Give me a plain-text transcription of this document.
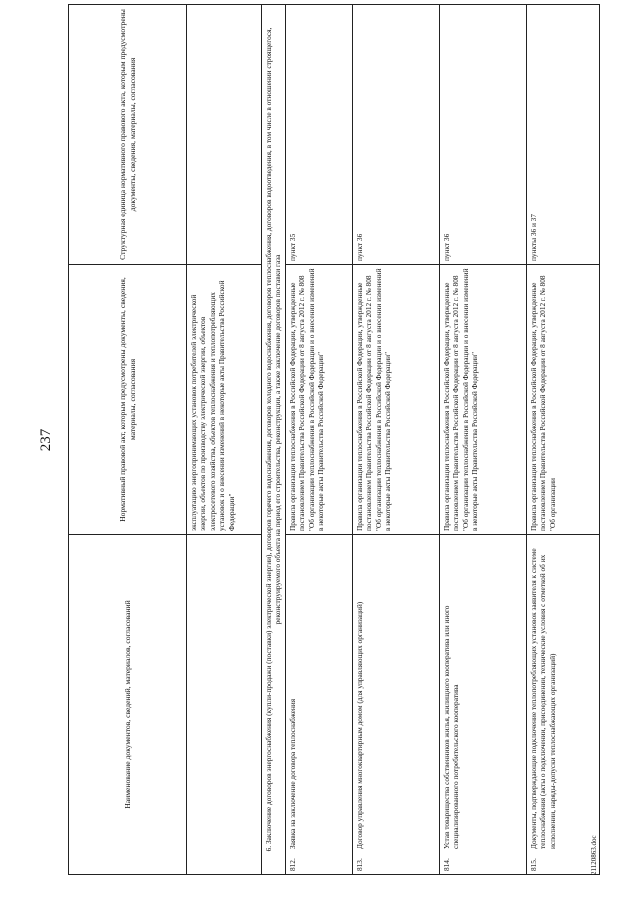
237
Наименование документов, сведений, материалов, согласований	Нормативный правовой акт, которым предусмотрены документы, сведения, материалы, согласования	Структурная единица нормативного правового акта, которым предусмотрены документы, сведения, материалы, согласования
	эксплуатацию энергопринимающих установок потребителей электрической энергии, объектов по производству электрической энергии, объектов электросетевого хозяйства, объектов теплоснабжения и теплопотребляющих установок и о внесении изменений в некоторые акты Правительства Российской Федерации"	
6. Заключение договоров энергоснабжения (купли-продажи (поставки) электрической энергии), договоров горячего водоснабжения, договоров холодного водоснабжения, договоров теплоснабжения, договоров водоотведения, в том числе в отношении строящегося, реконструируемого объекта на период его строительства, реконструкции, а также заключение договоров поставки газа		

812.
Заявка на заключение договора теплоснабжения	Правила организации теплоснабжения в Российской Федерации, утвержденные постановлением Правительства Российской Федерации от 8 августа 2012 г. № 808 "Об организации теплоснабжения в Российской Федерации и о внесении изменений в некоторые акты Правительства Российской Федерации"	пункт 35

813.
Договор управления многоквартирным домом (для управляющих организаций)	Правила организации теплоснабжения в Российской Федерации, утвержденные постановлением Правительства Российской Федерации от 8 августа 2012 г. № 808 "Об организации теплоснабжения в Российской Федерации и о внесении изменений в некоторые акты Правительства Российской Федерации"	пункт 36

814.
Устав товарищества собственников жилья, жилищного кооператива или иного специализированного потребительского кооператива	Правила организации теплоснабжения в Российской Федерации, утвержденные постановлением Правительства Российской Федерации от 8 августа 2012 г. № 808 "Об организации теплоснабжения в Российской Федерации и о внесении изменений в некоторые акты Правительства Российской Федерации"	пункт 36

815.
Документы, подтверждающие подключение теплопотребляющих установок заявителя к системе теплоснабжения (акты о подключении, присоединении, технические условия с отметкой об их исполнении, наряды-допуски теплоснабжающих организаций)	Правила организации теплоснабжения в Российской Федерации, утвержденные постановлением Правительства Российской Федерации от 8 августа 2012 г. № 808 "Об организации	пункты 36 и 37
21120863.doc
